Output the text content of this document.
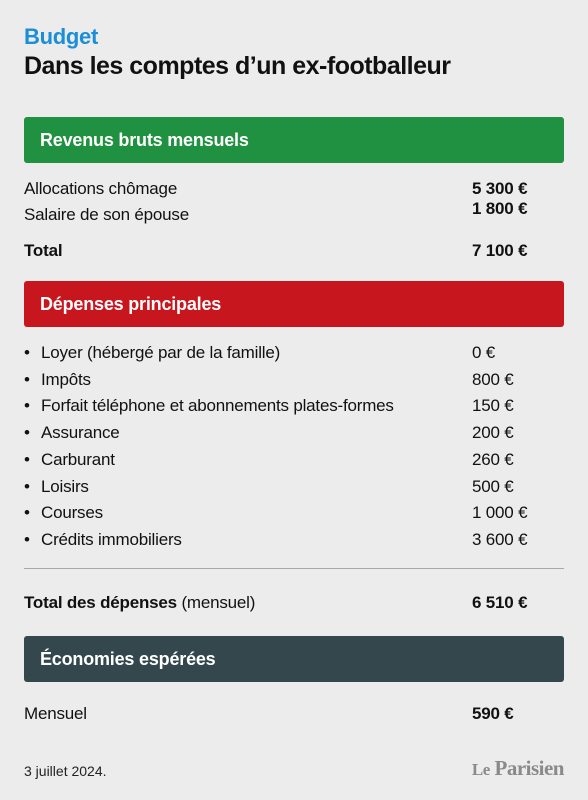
Budget
Dans les comptes d’un ex-footballeur
Revenus bruts mensuels
Allocations chômage	5 300 €
Salaire de son épouse	1 800 €
Total	7 100 €
Dépenses principales
• Loyer (hébergé par de la famille)	0 €
• Impôts	800 €
• Forfait téléphone et abonnements plates-formes	150 €
• Assurance	200 €
• Carburant	260 €
• Loisirs	500 €
• Courses	1 000 €
• Crédits immobiliers	3 600 €
Total des dépenses (mensuel)	6 510 €
Économies espérées
Mensuel	590 €
3 juillet 2024.	Le Parisien
